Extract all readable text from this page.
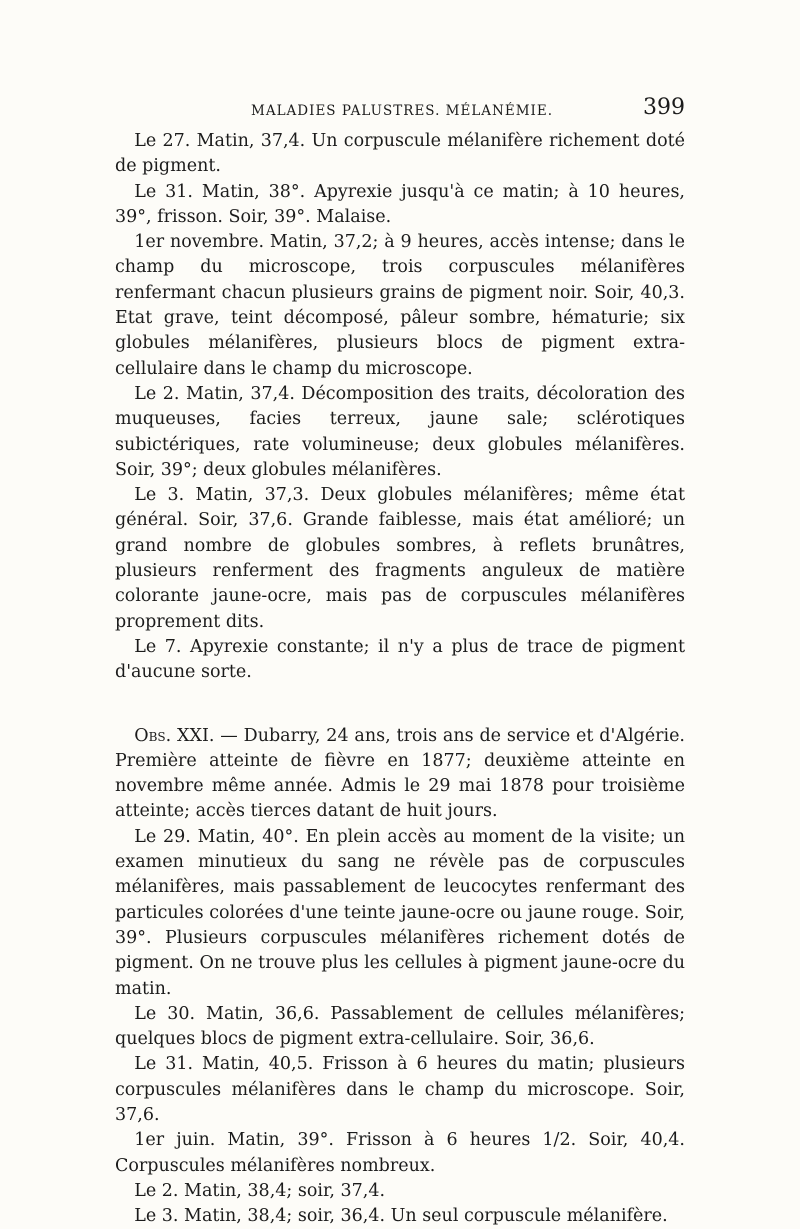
MALADIES PALUSTRES. MÉLANÉMIE.	399

Le 27. Matin, 37,4. Un corpuscule mélanifère richement doté de pigment.

Le 31. Matin, 38°. Apyrexie jusqu'à ce matin; à 10 heures, 39°, frisson. Soir, 39°. Malaise.

1er novembre. Matin, 37,2; à 9 heures, accès intense; dans le champ du microscope, trois corpuscules mélanifères renfermant chacun plusieurs grains de pigment noir. Soir, 40,3. Etat grave, teint décomposé, pâleur sombre, hématurie; six globules mélanifères, plusieurs blocs de pigment extra-cellulaire dans le champ du microscope.

Le 2. Matin, 37,4. Décomposition des traits, décoloration des muqueuses, facies terreux, jaune sale; sclérotiques subictériques, rate volumineuse; deux globules mélanifères. Soir, 39°; deux globules mélanifères.

Le 3. Matin, 37,3. Deux globules mélanifères; même état général. Soir, 37,6. Grande faiblesse, mais état amélioré; un grand nombre de globules sombres, à reflets brunâtres, plusieurs renferment des fragments anguleux de matière colorante jaune-ocre, mais pas de corpuscules mélanifères proprement dits.

Le 7. Apyrexie constante; il n'y a plus de trace de pigment d'aucune sorte.

Obs. XXI. — Dubarry, 24 ans, trois ans de service et d'Algérie. Première atteinte de fièvre en 1877; deuxième atteinte en novembre même année. Admis le 29 mai 1878 pour troisième atteinte; accès tierces datant de huit jours.

Le 29. Matin, 40°. En plein accès au moment de la visite; un examen minutieux du sang ne révèle pas de corpuscules mélanifères, mais passablement de leucocytes renfermant des particules colorées d'une teinte jaune-ocre ou jaune rouge. Soir, 39°. Plusieurs corpuscules mélanifères richement dotés de pigment. On ne trouve plus les cellules à pigment jaune-ocre du matin.

Le 30. Matin, 36,6. Passablement de cellules mélanifères; quelques blocs de pigment extra-cellulaire. Soir, 36,6.

Le 31. Matin, 40,5. Frisson à 6 heures du matin; plusieurs corpuscules mélanifères dans le champ du microscope. Soir, 37,6.

1er juin. Matin, 39°. Frisson à 6 heures 1/2. Soir, 40,4. Corpuscules mélanifères nombreux.

Le 2. Matin, 38,4; soir, 37,4.

Le 3. Matin, 38,4; soir, 36,4. Un seul corpuscule mélanifère.
